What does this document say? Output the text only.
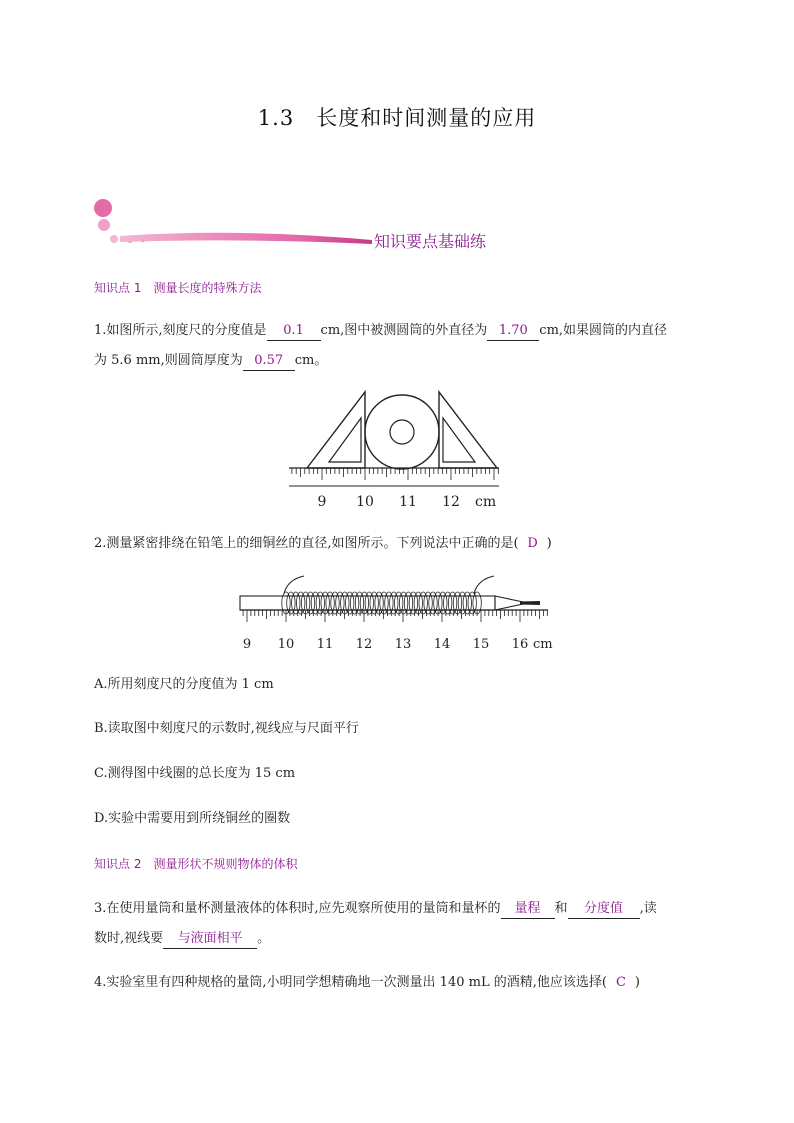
1.3　长度和时间测量的应用
知识要点基础练
知识点 1　测量长度的特殊方法
1.如图所示,刻度尺的分度值是 0.1 cm,图中被测圆筒的外直径为 1.70 cm,如果圆筒的内直径
为 5.6 mm,则圆筒厚度为 0.57 cm。
9 10 11 12 cm
2.测量紧密排绕在铅笔上的细铜丝的直径,如图所示。下列说法中正确的是( D )
9 10 11 12 13 14 15 16 cm
A.所用刻度尺的分度值为 1 cm
B.读取图中刻度尺的示数时,视线应与尺面平行
C.测得图中线圈的总长度为 15 cm
D.实验中需要用到所绕铜丝的圈数
知识点 2　测量形状不规则物体的体积
3.在使用量筒和量杯测量液体的体积时,应先观察所使用的量筒和量杯的 量程 和 分度值 ,读
数时,视线要 与液面相平 。
4.实验室里有四种规格的量筒,小明同学想精确地一次测量出 140 mL 的酒精,他应该选择( C )
